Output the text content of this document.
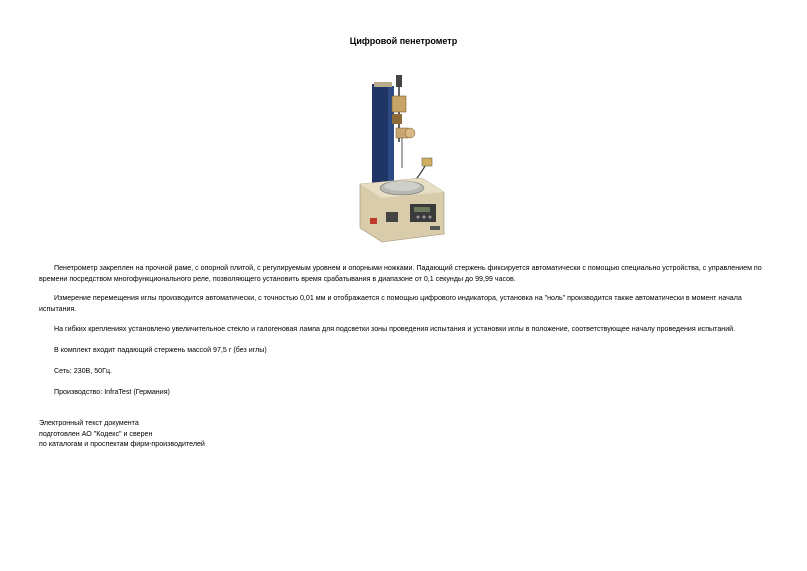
Цифровой пенетрометр

Пенетрометр закреплен на прочной раме, с опорной плитой, с регулируемым уровнем и опорными ножками. Падающий стержень фиксируется автоматически с помощью специально устройства, с управлением по времени посредством многофункционального реле, позволяющего установить время срабатывания в диапазоне от 0,1 секунды до 99,99 часов.

Измерение перемещения иглы производится автоматически, с точностью 0,01 мм и отображается с помощью цифрового индикатора, установка на "ноль" производится также автоматически в момент начала испытания.

На гибких креплениях установлено увеличительное стекло и галогеновая лампа для подсветки зоны проведения испытания и установки иглы в положение, соответствующее началу проведения испытаний.

В комплект входит падающий стержень массой 97,5 г (без иглы)

Сеть: 230В, 50Гц.

Производство: InfraTest (Германия)

Электронный текст документа
подготовлен АО "Кодекс" и сверен
по каталогам и проспектам фирм-производителей
